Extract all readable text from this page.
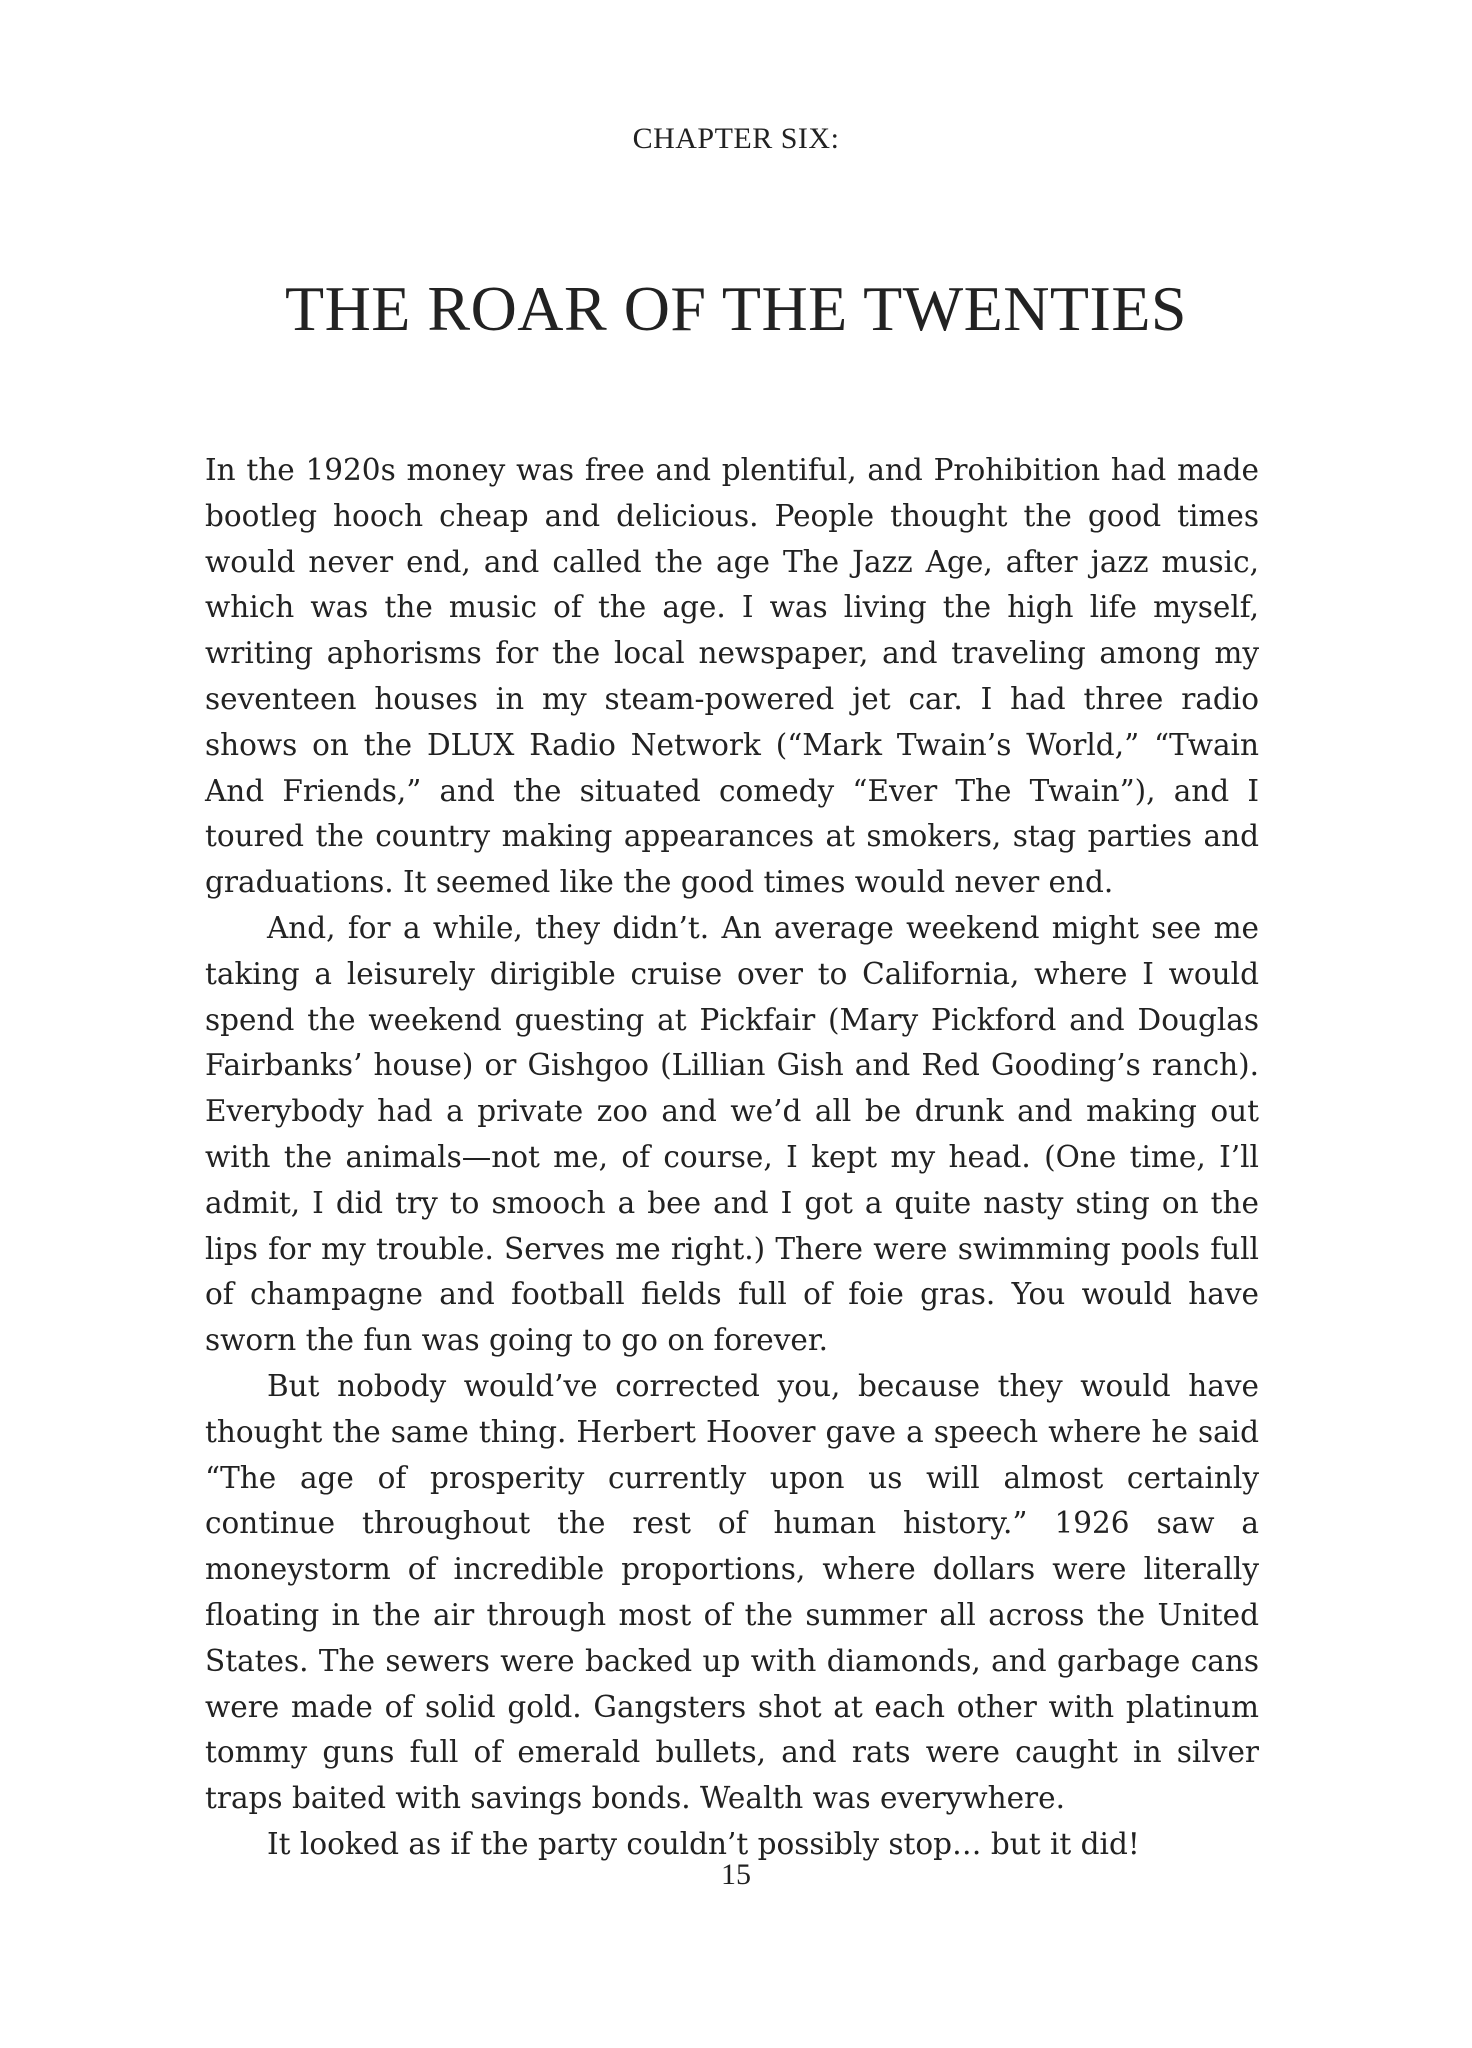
CHAPTER SIX:
THE ROAR OF THE TWENTIES

In the 1920s money was free and plentiful, and Prohibition had made bootleg hooch cheap and delicious. People thought the good times would never end, and called the age The Jazz Age, after jazz music, which was the music of the age. I was living the high life myself, writing aphorisms for the local newspaper, and traveling among my seventeen houses in my steam-powered jet car. I had three radio shows on the DLUX Radio Network (“Mark Twain’s World,” “Twain And Friends,” and the situated comedy “Ever The Twain”), and I toured the country making appearances at smokers, stag parties and graduations. It seemed like the good times would never end.

And, for a while, they didn’t. An average weekend might see me taking a leisurely dirigible cruise over to California, where I would spend the weekend guesting at Pickfair (Mary Pickford and Douglas Fairbanks’ house) or Gishgoo (Lillian Gish and Red Gooding’s ranch). Everybody had a private zoo and we’d all be drunk and making out with the animals—not me, of course, I kept my head. (One time, I’ll admit, I did try to smooch a bee and I got a quite nasty sting on the lips for my trouble. Serves me right.) There were swimming pools full of champagne and football fields full of foie gras. You would have sworn the fun was going to go on forever.

But nobody would’ve corrected you, because they would have thought the same thing. Herbert Hoover gave a speech where he said “The age of prosperity currently upon us will almost certainly continue throughout the rest of human history.” 1926 saw a moneystorm of incredible proportions, where dollars were literally floating in the air through most of the summer all across the United States. The sewers were backed up with diamonds, and garbage cans were made of solid gold. Gangsters shot at each other with platinum tommy guns full of emerald bullets, and rats were caught in silver traps baited with savings bonds. Wealth was everywhere.

It looked as if the party couldn’t possibly stop… but it did!

15
